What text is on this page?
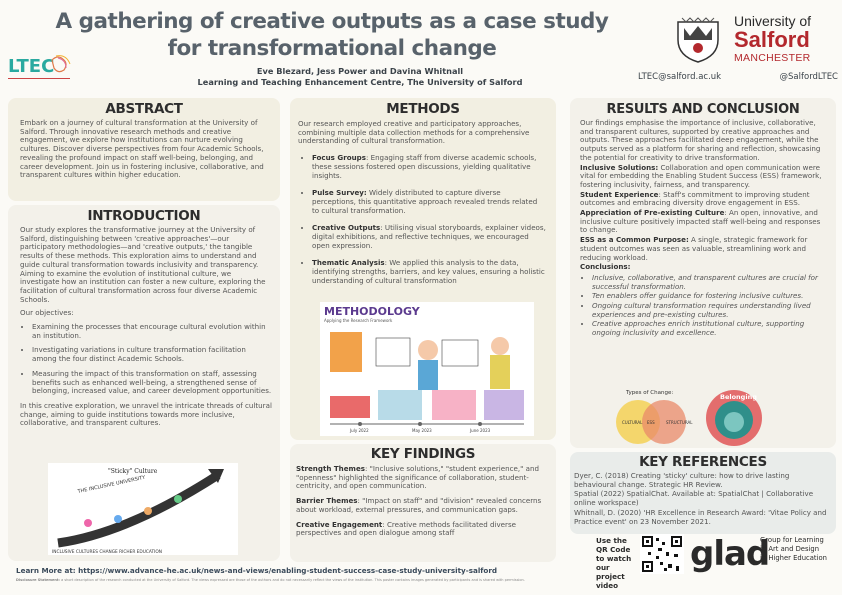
A gathering of creative outputs as a case study
for transformational change
LTEC	Eve Blezard, Jess Power and Davina Whitnall
Learning and Teaching Enhancement Centre, The University of Salford
University of
Salford
MANCHESTER
LTEC@salford.ac.uk	@SalfordLTEC
ABSTRACT
Embark on a journey of cultural transformation at the University of Salford. Through innovative research methods and creative engagement, we explore how institutions can nurture evolving cultures. Discover diverse perspectives from four Academic Schools, revealing the profound impact on staff well-being, belonging, and career development. Join us in fostering inclusive, collaborative, and transparent cultures within higher education.
INTRODUCTION

Our study explores the transformative journey at the University of Salford, distinguishing between 'creative approaches'—our participatory methodologies—and 'creative outputs,' the tangible results of these methods. This exploration aims to understand and guide cultural transformation towards inclusivity and transparency. Aiming to examine the evolution of institutional culture, we investigate how an institution can foster a new culture, exploring the facilitation of cultural transformation across four diverse Academic Schools.

Our objectives:

• Examining the processes that encourage cultural evolution within an institution.
• Investigating variations in culture transformation facilitation among the four distinct Academic Schools.
• Measuring the impact of this transformation on staff, assessing benefits such as enhanced well-being, a strengthened sense of belonging, increased value, and career development opportunities.

In this creative exploration, we unravel the intricate threads of cultural change, aiming to guide institutions towards more inclusive, collaborative, and transparent cultures.

"Sticky" Culture
THE INCLUSIVE UNIVERSITY
INCLUSIVE CULTURES CHANGE RICHER EDUCATION
METHODS

Our research employed creative and participatory approaches, combining multiple data collection methods for a comprehensive understanding of cultural transformation.

• Focus Groups: Engaging staff from diverse academic schools, these sessions fostered open discussions, yielding qualitative insights.
• Pulse Survey: Widely distributed to capture diverse perceptions, this quantitative approach revealed trends related to cultural transformation.
• Creative Outputs: Utilising visual storyboards, explainer videos, digital exhibitions, and reflective techniques, we encouraged open expression.
• Thematic Analysis: We applied this analysis to the data, identifying strengths, barriers, and key values, ensuring a holistic understanding of cultural transformation
METHODOLOGY
Applying the Research Framework
July 2022	May 2023	June 2023
KEY FINDINGS

Strength Themes: "Inclusive solutions," "student experience," and "openness" highlighted the significance of collaboration, student-centricity, and open communication.

Barrier Themes: "Impact on staff" and "division" revealed concerns about workload, external pressures, and communication gaps.

Creative Engagement: Creative methods facilitated diverse perspectives and open dialogue among staff

RESULTS AND CONCLUSION

Our findings emphasise the importance of inclusive, collaborative, and transparent cultures, supported by creative approaches and outputs. These approaches facilitated deep engagement, while the outputs served as a platform for sharing and reflection, showcasing the potential for creativity to drive transformation.

Inclusive Solutions: Collaboration and open communication were vital for embedding the Enabling Student Success (ESS) framework, fostering inclusivity, fairness, and transparency.

Student Experience: Staff's commitment to improving student outcomes and embracing diversity drove engagement in ESS.

Appreciation of Pre-existing Culture: An open, innovative, and inclusive culture positively impacted staff well-being and responses to change.

ESS as a Common Purpose: A single, strategic framework for student outcomes was seen as valuable, streamlining work and reducing workload.

Conclusions:

• Inclusive, collaborative, and transparent cultures are crucial for successful transformation.
• Ten enablers offer guidance for fostering inclusive cultures.
• Ongoing cultural transformation requires understanding lived experiences and pre-existing cultures.
• Creative approaches enrich institutional culture, supporting ongoing inclusivity and excellence.
Types of Change:
CULTURAL ESS	STRUCTURAL
Belonging
KEY REFERENCES

Dyer, C. (2018) Creating 'sticky' culture: how to drive lasting behavioural change. Strategic HR Review.

Spatial (2022) SpatialChat. Available at: SpatialChat | Collaborative online workspace)

Whitnall, D. (2020) 'HR Excellence in Research Award: 'Vitae Policy and Practice event' on 23 November 2021.

Use the QR Code to watch our project video
glad
Group for Learning
in Art and Design
in Higher Education
Learn More at: https://www.advance-he.ac.uk/news-and-views/enabling-student-success-case-study-university-salford
Disclosure Statement: a short description of the research conducted at the University of Salford. The views expressed are those of the authors and do not necessarily reflect the views of the institution. This poster contains images generated by participants and is shared with permission.
